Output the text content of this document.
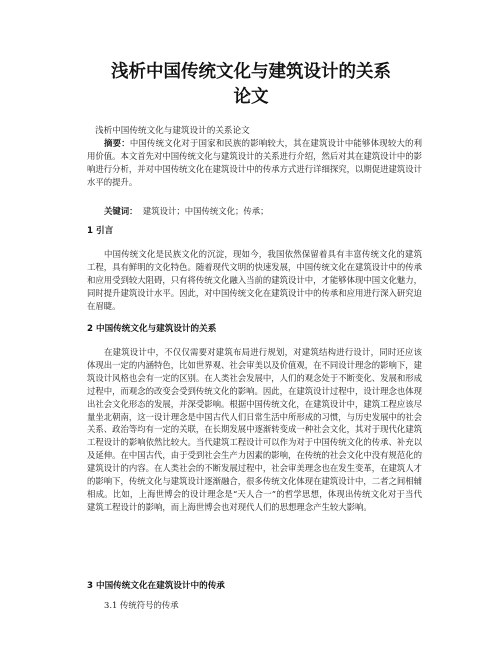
浅析中国传统文化与建筑设计的关系
论文
浅析中国传统文化与建筑设计的关系论文

摘要：中国传统文化对于国家和民族的影响较大，其在建筑设计中能够体现较大的利用价值。本文首先对中国传统文化与建筑设计的关系进行介绍，然后对其在建筑设计中的影响进行分析，并对中国传统文化在建筑设计中的传承方式进行详细探究，以期促进建筑设计水平的提升。

关键词： 建筑设计；中国传统文化；传承；

1 引言

中国传统文化是民族文化的沉淀，现如今，我国依然保留着具有丰富传统文化的建筑工程，具有鲜明的文化特色。随着现代文明的快速发展，中国传统文化在建筑设计中的传承和应用受到较大阻碍，只有将传统文化融入当前的建筑设计中，才能够体现中国文化魅力，同时提升建筑设计水平。因此，对中国传统文化在建筑设计中的传承和应用进行深入研究迫在眉睫。

2 中国传统文化与建筑设计的关系

在建筑设计中，不仅仅需要对建筑布局进行规划，对建筑结构进行设计，同时还应该体现出一定的内涵特色，比如世界观、社会审美以及价值观，在不同设计理念的影响下，建筑设计风格也会有一定的区别。在人类社会发展中，人们的观念处于不断变化、发展和形成过程中，而观念的改变会受到传统文化的影响。因此，在建筑设计过程中，设计理念也体现出社会文化形态的发展，并深受影响。根据中国传统文化，在建筑设计中，建筑工程应该尽量坐北朝南，这一设计理念是中国古代人们日常生活中所形成的习惯，与历史发展中的社会关系、政治等均有一定的关联，在长期发展中逐渐转变成一种社会文化，其对于现代化建筑工程设计的影响依然比较大。当代建筑工程设计可以作为对于中国传统文化的传承、补充以及延伸。在中国古代，由于受到社会生产力因素的影响，在传统的社会文化中没有规范化的建筑设计的内容。在人类社会的不断发展过程中，社会审美理念也在发生变革，在建筑人才的影响下，传统文化与建筑设计逐渐融合，很多传统文化体现在建筑设计中，二者之间相辅相成。比如，上海世博会的设计理念是“天人合一”的哲学思想，体现出传统文化对于当代建筑工程设计的影响，而上海世博会也对现代人们的思想理念产生较大影响。

3 中国传统文化在建筑设计中的传承
3.1 传统符号的传承
